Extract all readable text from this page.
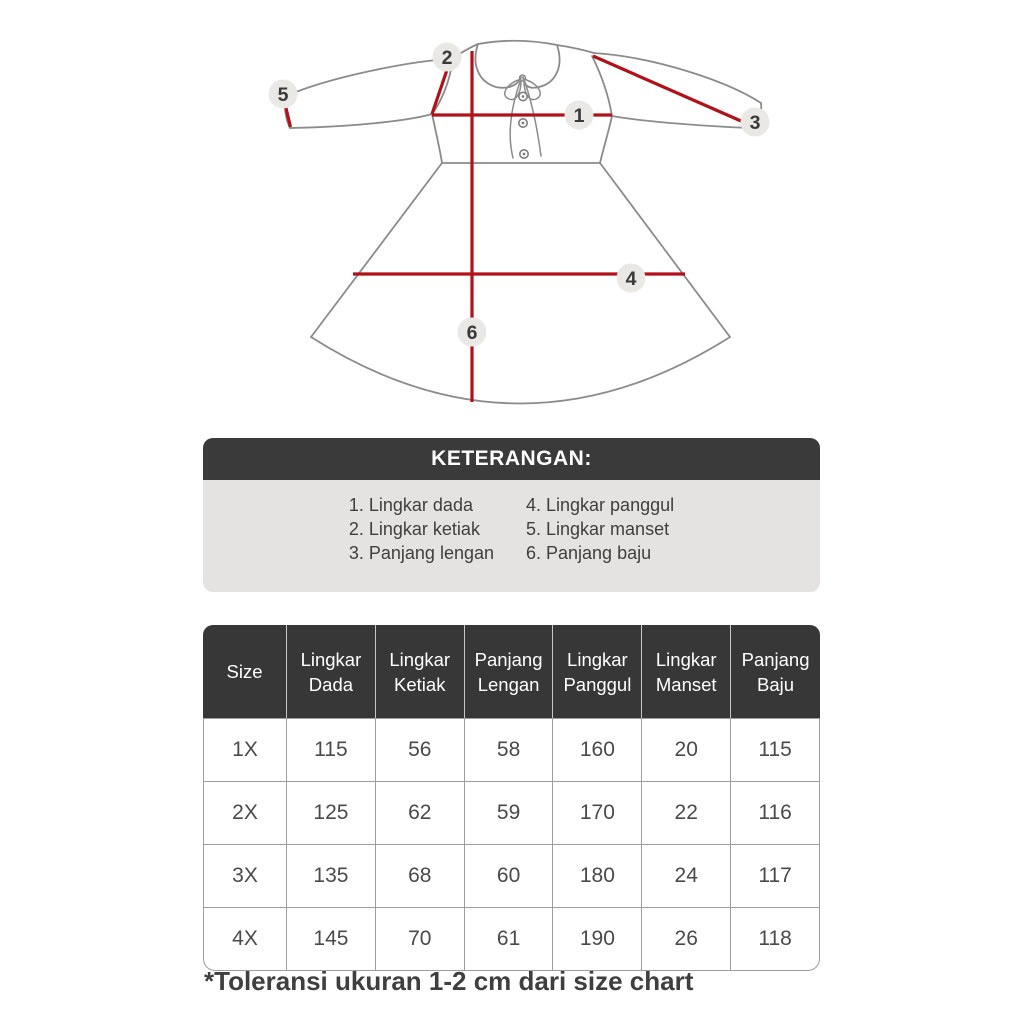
1
2
3
4
5
6
KETERANGAN:
1. Lingkar dada
2. Lingkar ketiak
3. Panjang lengan
4. Lingkar panggul
5. Lingkar manset
6. Panjang baju
Size	Lingkar Dada	Lingkar Ketiak	Panjang Lengan	Lingkar Panggul	Lingkar Manset	Panjang Baju
1X	115	56	58	160	20	115
2X	125	62	59	170	22	116
3X	135	68	60	180	24	117
4X	145	70	61	190	26	118

*Toleransi ukuran 1-2 cm dari size chart
